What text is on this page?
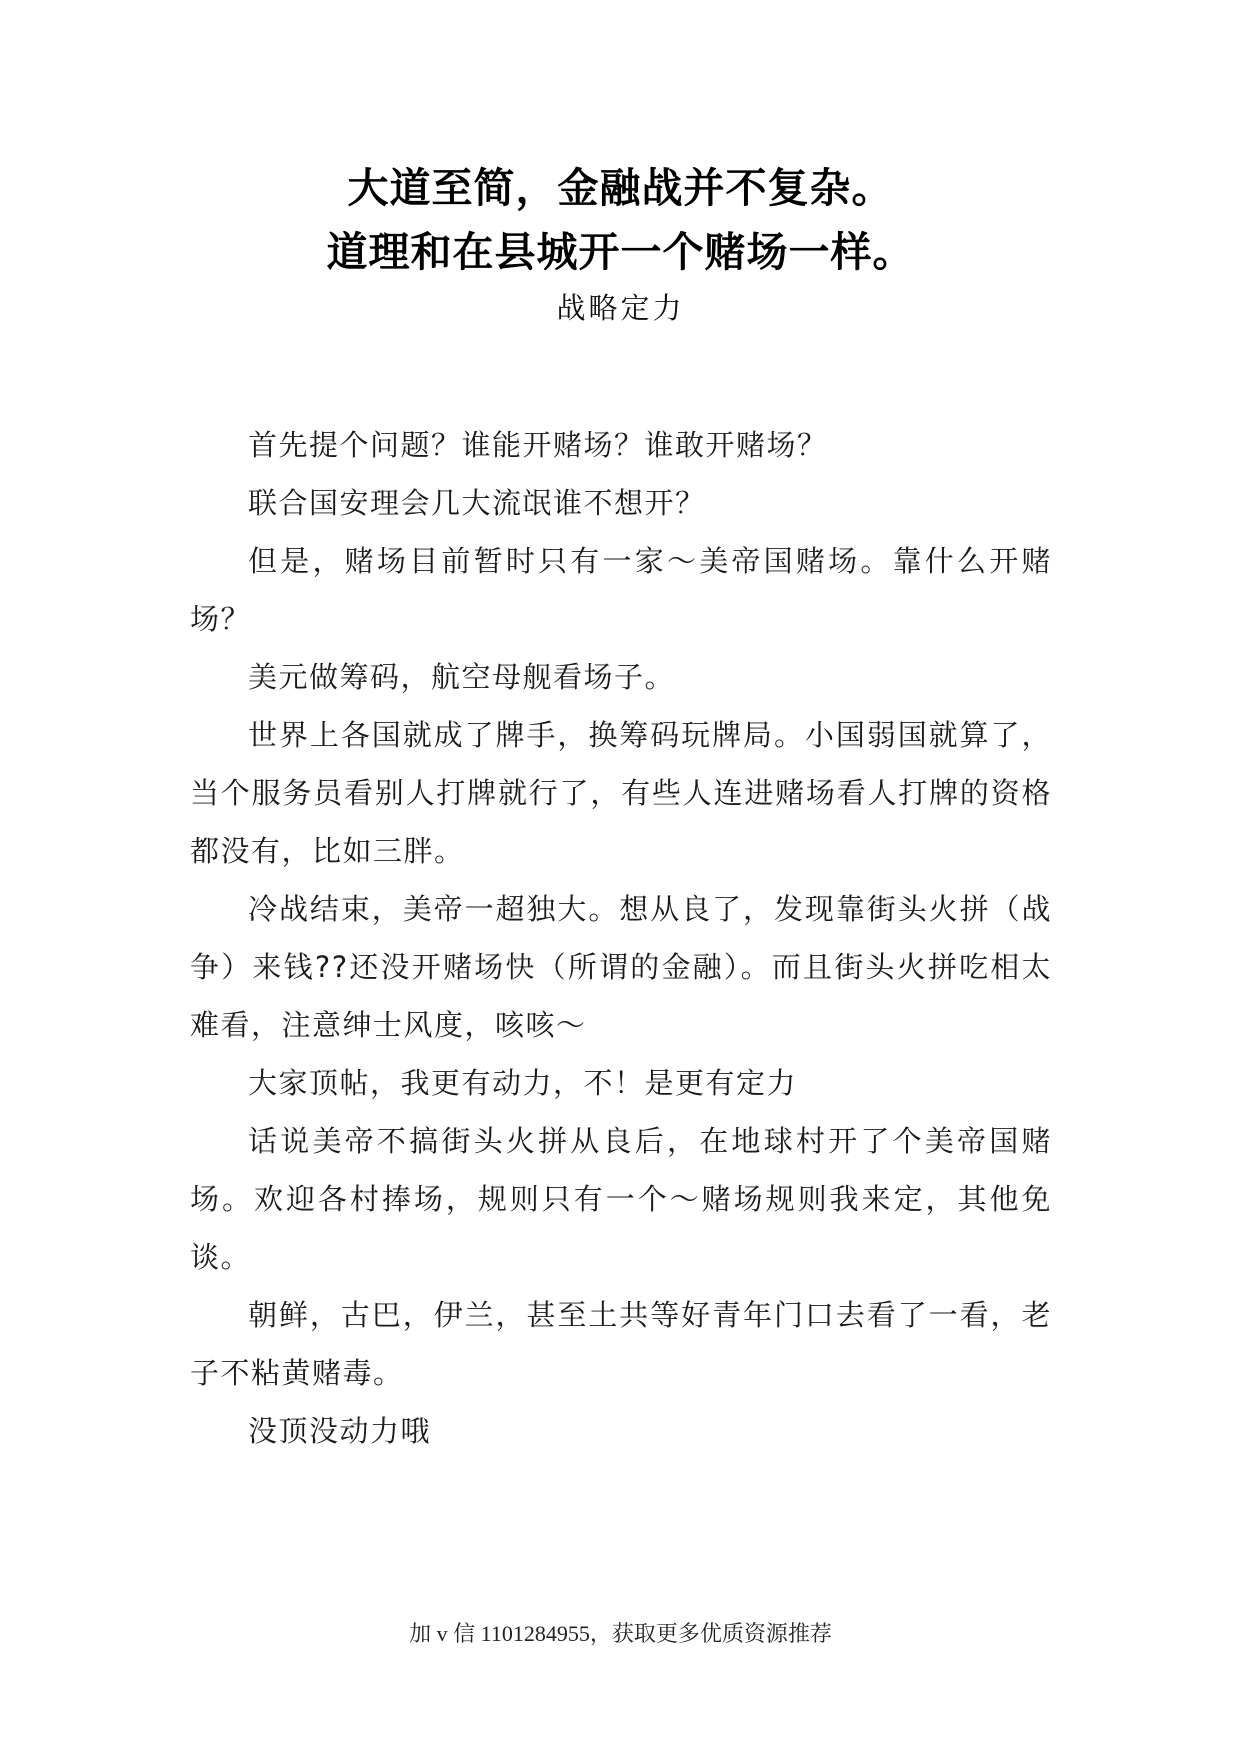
大道至简，金融战并不复杂。
道理和在县城开一个赌场一样。
战略定力

首先提个问题？谁能开赌场？谁敢开赌场？

联合国安理会几大流氓谁不想开？

但是，赌场目前暂时只有一家～美帝国赌场。靠什么开赌场？

美元做筹码，航空母舰看场子。

世界上各国就成了牌手，换筹码玩牌局。小国弱国就算了，当个服务员看别人打牌就行了，有些人连进赌场看人打牌的资格都没有，比如三胖。

冷战结束，美帝一超独大。想从良了，发现靠街头火拼（战争）来钱??还没开赌场快（所谓的金融）。而且街头火拼吃相太难看，注意绅士风度，咳咳～

大家顶帖，我更有动力，不！是更有定力

话说美帝不搞街头火拼从良后，在地球村开了个美帝国赌场。欢迎各村捧场，规则只有一个～赌场规则我来定，其他免谈。

朝鲜，古巴，伊兰，甚至土共等好青年门口去看了一看，老子不粘黄赌毒。

没顶没动力哦

加 v 信 1101284955，获取更多优质资源推荐
